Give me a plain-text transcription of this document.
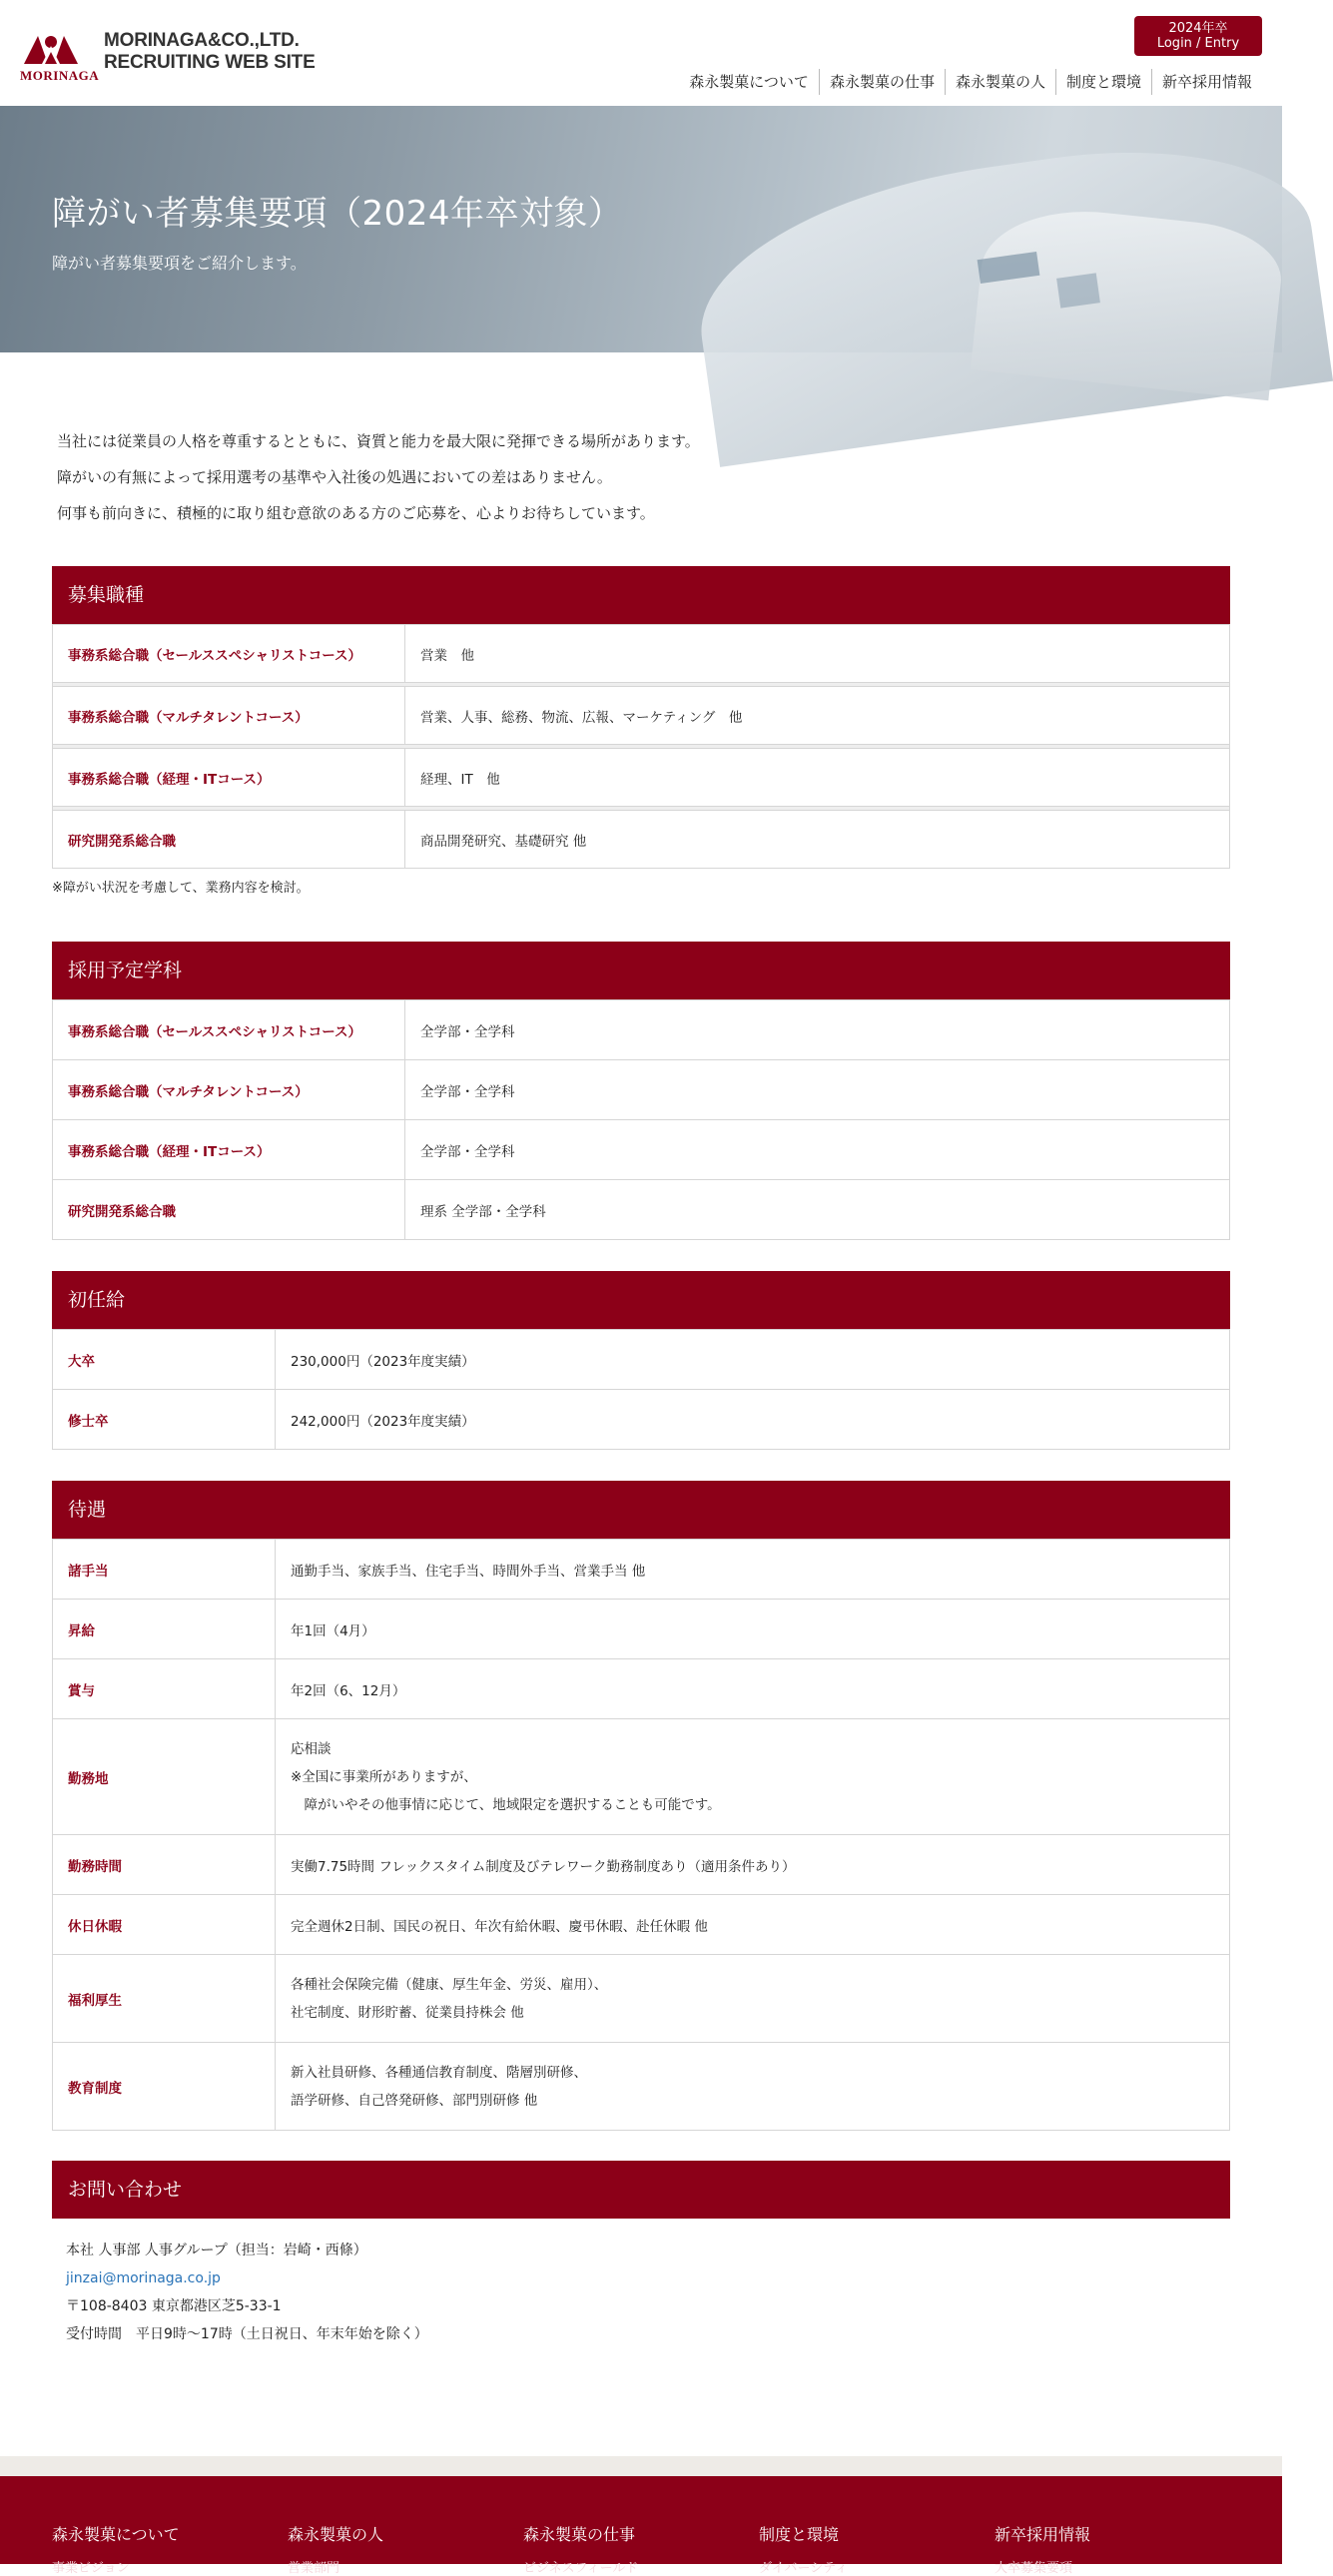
MORINAGA
MORINAGA&CO.,LTD.
RECRUITING WEB SITE
2024年卒
Login / Entry
森永製菓について	森永製菓の仕事	森永製菓の人	制度と環境	新卒採用情報
障がい者募集要項（2024年卒対象）

障がい者募集要項をご紹介します。

当社には従業員の人格を尊重するとともに、資質と能力を最大限に発揮できる場所があります。

障がいの有無によって採用選考の基準や入社後の処遇においての差はありません。

何事も前向きに、積極的に取り組む意欲のある方のご応募を、心よりお待ちしています。

募集職種
事務系総合職（セールススペシャリストコース）	営業　他

事務系総合職（マルチタレントコース）	営業、人事、総務、物流、広報、マーケティング　他

事務系総合職（経理・ITコース）	経理、IT　他

研究開発系総合職	商品開発研究、基礎研究 他

※障がい状況を考慮して、業務内容を検討。

採用予定学科
事務系総合職（セールススペシャリストコース）	全学部・全学科
事務系総合職（マルチタレントコース）	全学部・全学科
事務系総合職（経理・ITコース）	全学部・全学科
研究開発系総合職	理系 全学部・全学科
初任給
大卒	230,000円（2023年度実績）
修士卒	242,000円（2023年度実績）
待遇
諸手当	通勤手当、家族手当、住宅手当、時間外手当、営業手当 他
昇給	年1回（4月）
賞与	年2回（6、12月）
勤務地	応相談
※全国に事業所がありますが、
　障がいやその他事情に応じて、地域限定を選択することも可能です。

勤務時間	実働7.75時間 フレックスタイム制度及びテレワーク勤務制度あり（適用条件あり）
休日休暇	完全週休2日制、国民の祝日、年次有給休暇、慶弔休暇、赴任休暇 他
福利厚生	各種社会保険完備（健康、厚生年金、労災、雇用）、
社宅制度、財形貯蓄、従業員持株会 他

教育制度	新入社員研修、各種通信教育制度、階層別研修、
語学研修、自己啓発研修、部門別研修 他
お問い合わせ
本社 人事部 人事グループ（担当：岩崎・西條）
jinzai@morinaga.co.jp
〒108-8403 東京都港区芝5-33-1
受付時間　平日9時～17時（土日祝日、年末年始を除く）
森永製菓について
事業ビジョン
森永製菓の人
営業部門
森永製菓の仕事
ビジネスフィールド
制度と環境
ダイバーシティ
新卒採用情報
大卒募集要項
